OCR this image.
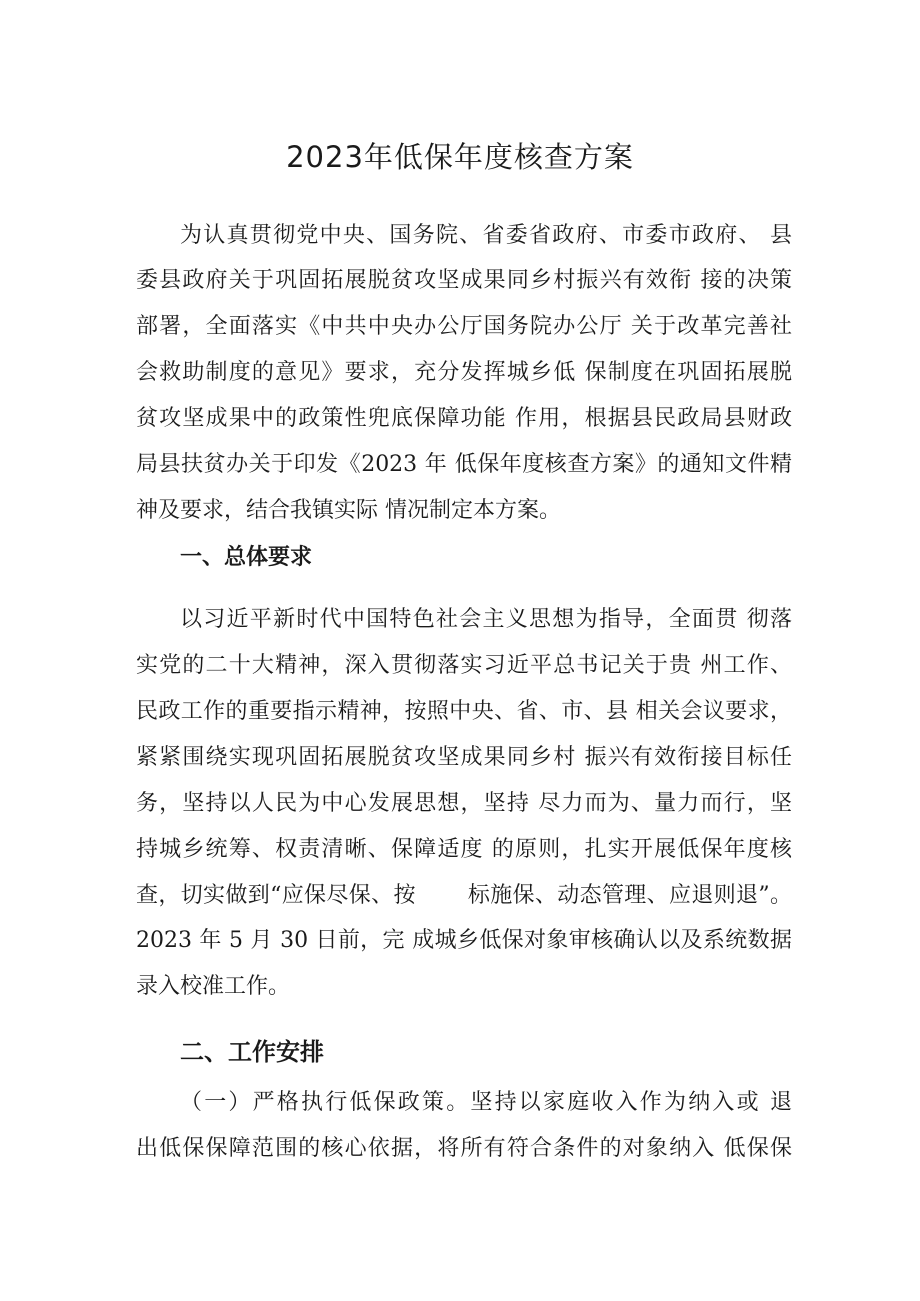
2023年低保年度核查方案
为认真贯彻党中央、国务院、省委省政府、市委市政府、 县
委县政府关于巩固拓展脱贫攻坚成果同乡村振兴有效衔 接的决策
部署，全面落实《中共中央办公厅国务院办公厅 关于改革完善社
会救助制度的意见》要求，充分发挥城乡低 保制度在巩固拓展脱
贫攻坚成果中的政策性兜底保障功能 作用，根据县民政局县财政
局县扶贫办关于印发《2023 年 低保年度核查方案》的通知文件精
神及要求，结合我镇实际 情况制定本方案。
一、总体要求
以习近平新时代中国特色社会主义思想为指导，全面贯 彻落
实党的二十大精神，深入贯彻落实习近平总书记关于贵 州工作、
民政工作的重要指示精神，按照中央、省、市、县 相关会议要求，
紧紧围绕实现巩固拓展脱贫攻坚成果同乡村 振兴有效衔接目标任
务，坚持以人民为中心发展思想，坚持 尽力而为、量力而行，坚
持城乡统筹、权责清晰、保障适度 的原则，扎实开展低保年度核
查，切实做到“应保尽保、按　　 标施保、动态管理、应退则退”。
2023 年 5 月 30 日前，完 成城乡低保对象审核确认以及系统数据
录入校准工作。
二、工作安排
（一）严格执行低保政策。坚持以家庭收入作为纳入或 退
出低保保障范围的核心依据，将所有符合条件的对象纳入 低保保
